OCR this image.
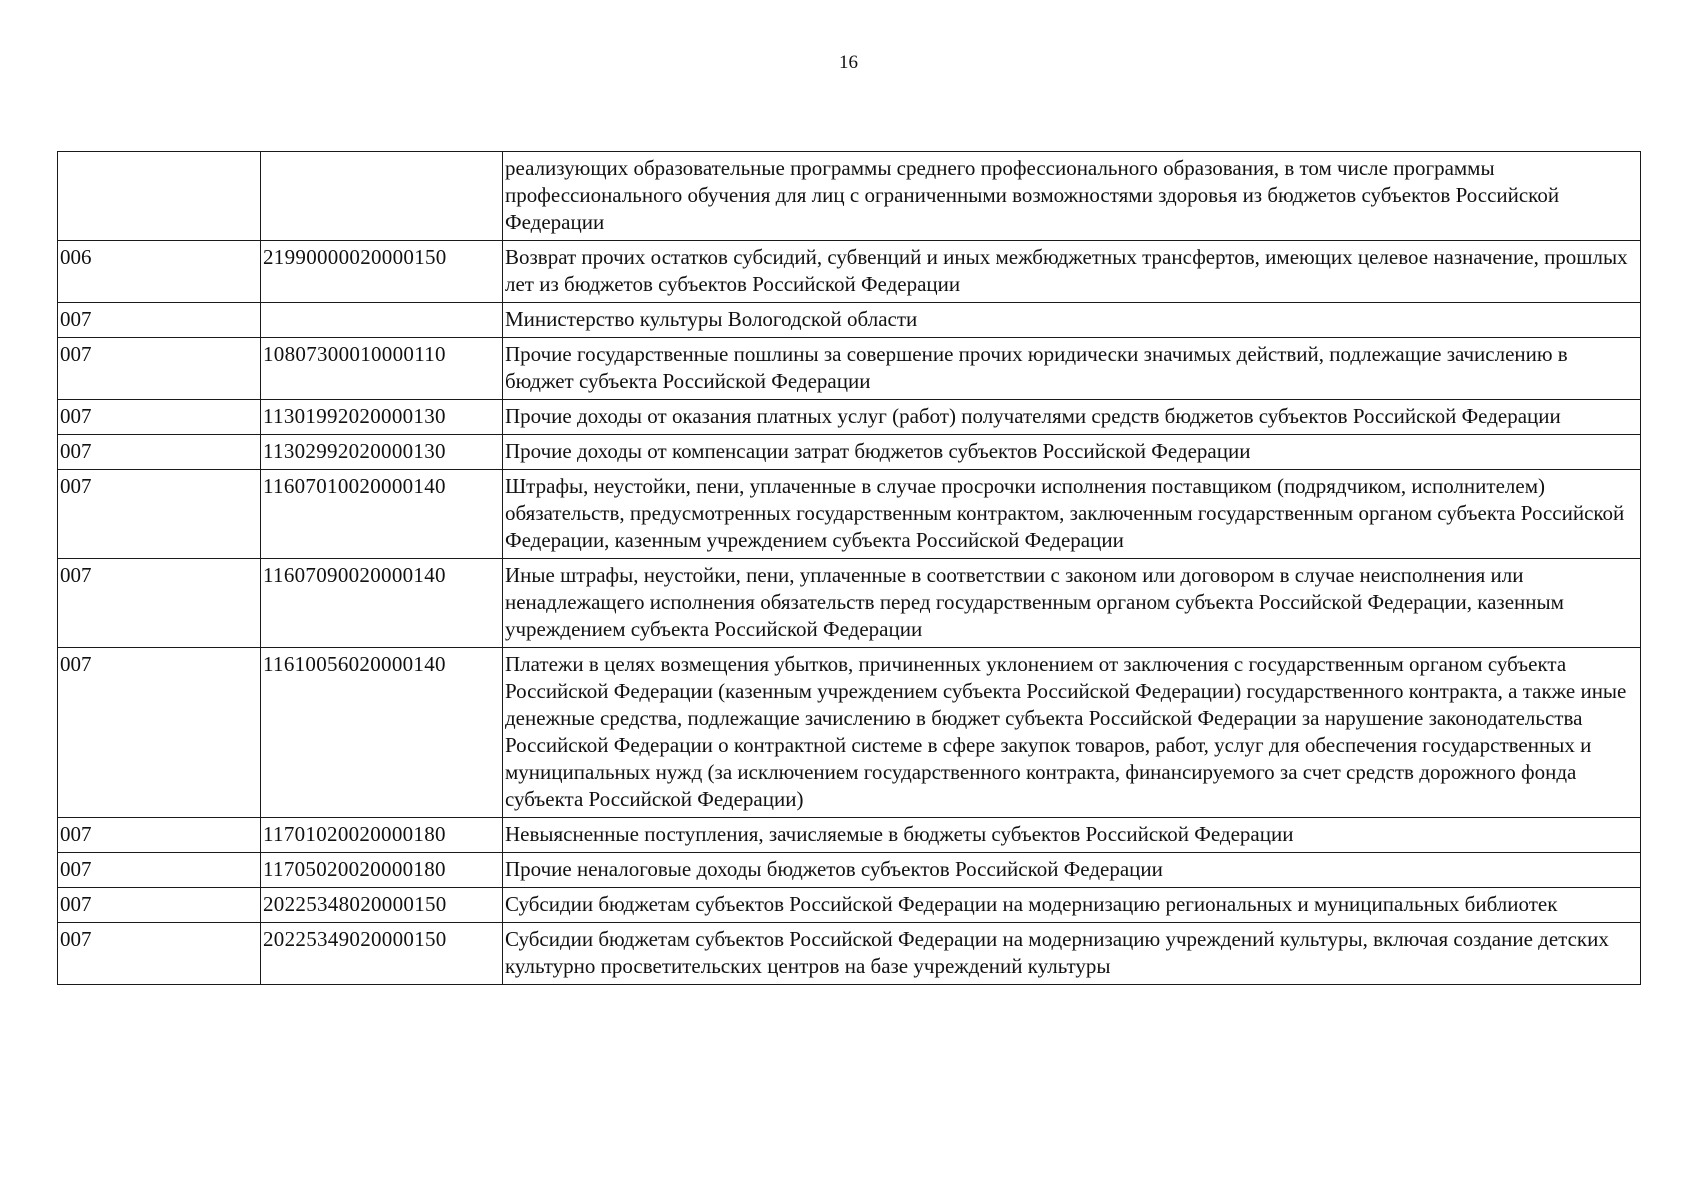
16
		реализующих образовательные программы среднего профессионального образования, в том числе программы профессионального обучения для лиц с ограниченными возможностями здоровья из бюджетов субъектов Российской Федерации
006	21990000020000150	Возврат прочих остатков субсидий, субвенций и иных межбюджетных трансфертов, имеющих целевое назначение, прошлых лет из бюджетов субъектов Российской Федерации
007		Министерство культуры Вологодской области
007	10807300010000110	Прочие государственные пошлины за совершение прочих юридически значимых действий, подлежащие зачислению в бюджет субъекта Российской Федерации
007	11301992020000130	Прочие доходы от оказания платных услуг (работ) получателями средств бюджетов субъектов Российской Федерации
007	11302992020000130	Прочие доходы от компенсации затрат бюджетов субъектов Российской Федерации
007	11607010020000140	Штрафы, неустойки, пени, уплаченные в случае просрочки исполнения поставщиком (подрядчиком, исполнителем) обязательств, предусмотренных государственным контрактом, заключенным государственным органом субъекта Российской Федерации, казенным учреждением субъекта Российской Федерации
007	11607090020000140	Иные штрафы, неустойки, пени, уплаченные в соответствии с законом или договором в случае неисполнения или ненадлежащего исполнения обязательств перед государственным органом субъекта Российской Федерации, казенным учреждением субъекта Российской Федерации
007	11610056020000140	Платежи в целях возмещения убытков, причиненных уклонением от заключения с государственным органом субъекта Российской Федерации (казенным учреждением субъекта Российской Федерации) государственного контракта, а также иные денежные средства, подлежащие зачислению в бюджет субъекта Российской Федерации за нарушение законодательства Российской Федерации о контрактной системе в сфере закупок товаров, работ, услуг для обеспечения государственных и муниципальных нужд (за исключением государственного контракта, финансируемого за счет средств дорожного фонда субъекта Российской Федерации)
007	11701020020000180	Невыясненные поступления, зачисляемые в бюджеты субъектов Российской Федерации
007	11705020020000180	Прочие неналоговые доходы бюджетов субъектов Российской Федерации
007	20225348020000150	Субсидии бюджетам субъектов Российской Федерации на модернизацию региональных и муниципальных библиотек
007	20225349020000150	Субсидии бюджетам субъектов Российской Федерации на модернизацию учреждений культуры, включая создание детских культурно просветительских центров на базе учреждений культуры
